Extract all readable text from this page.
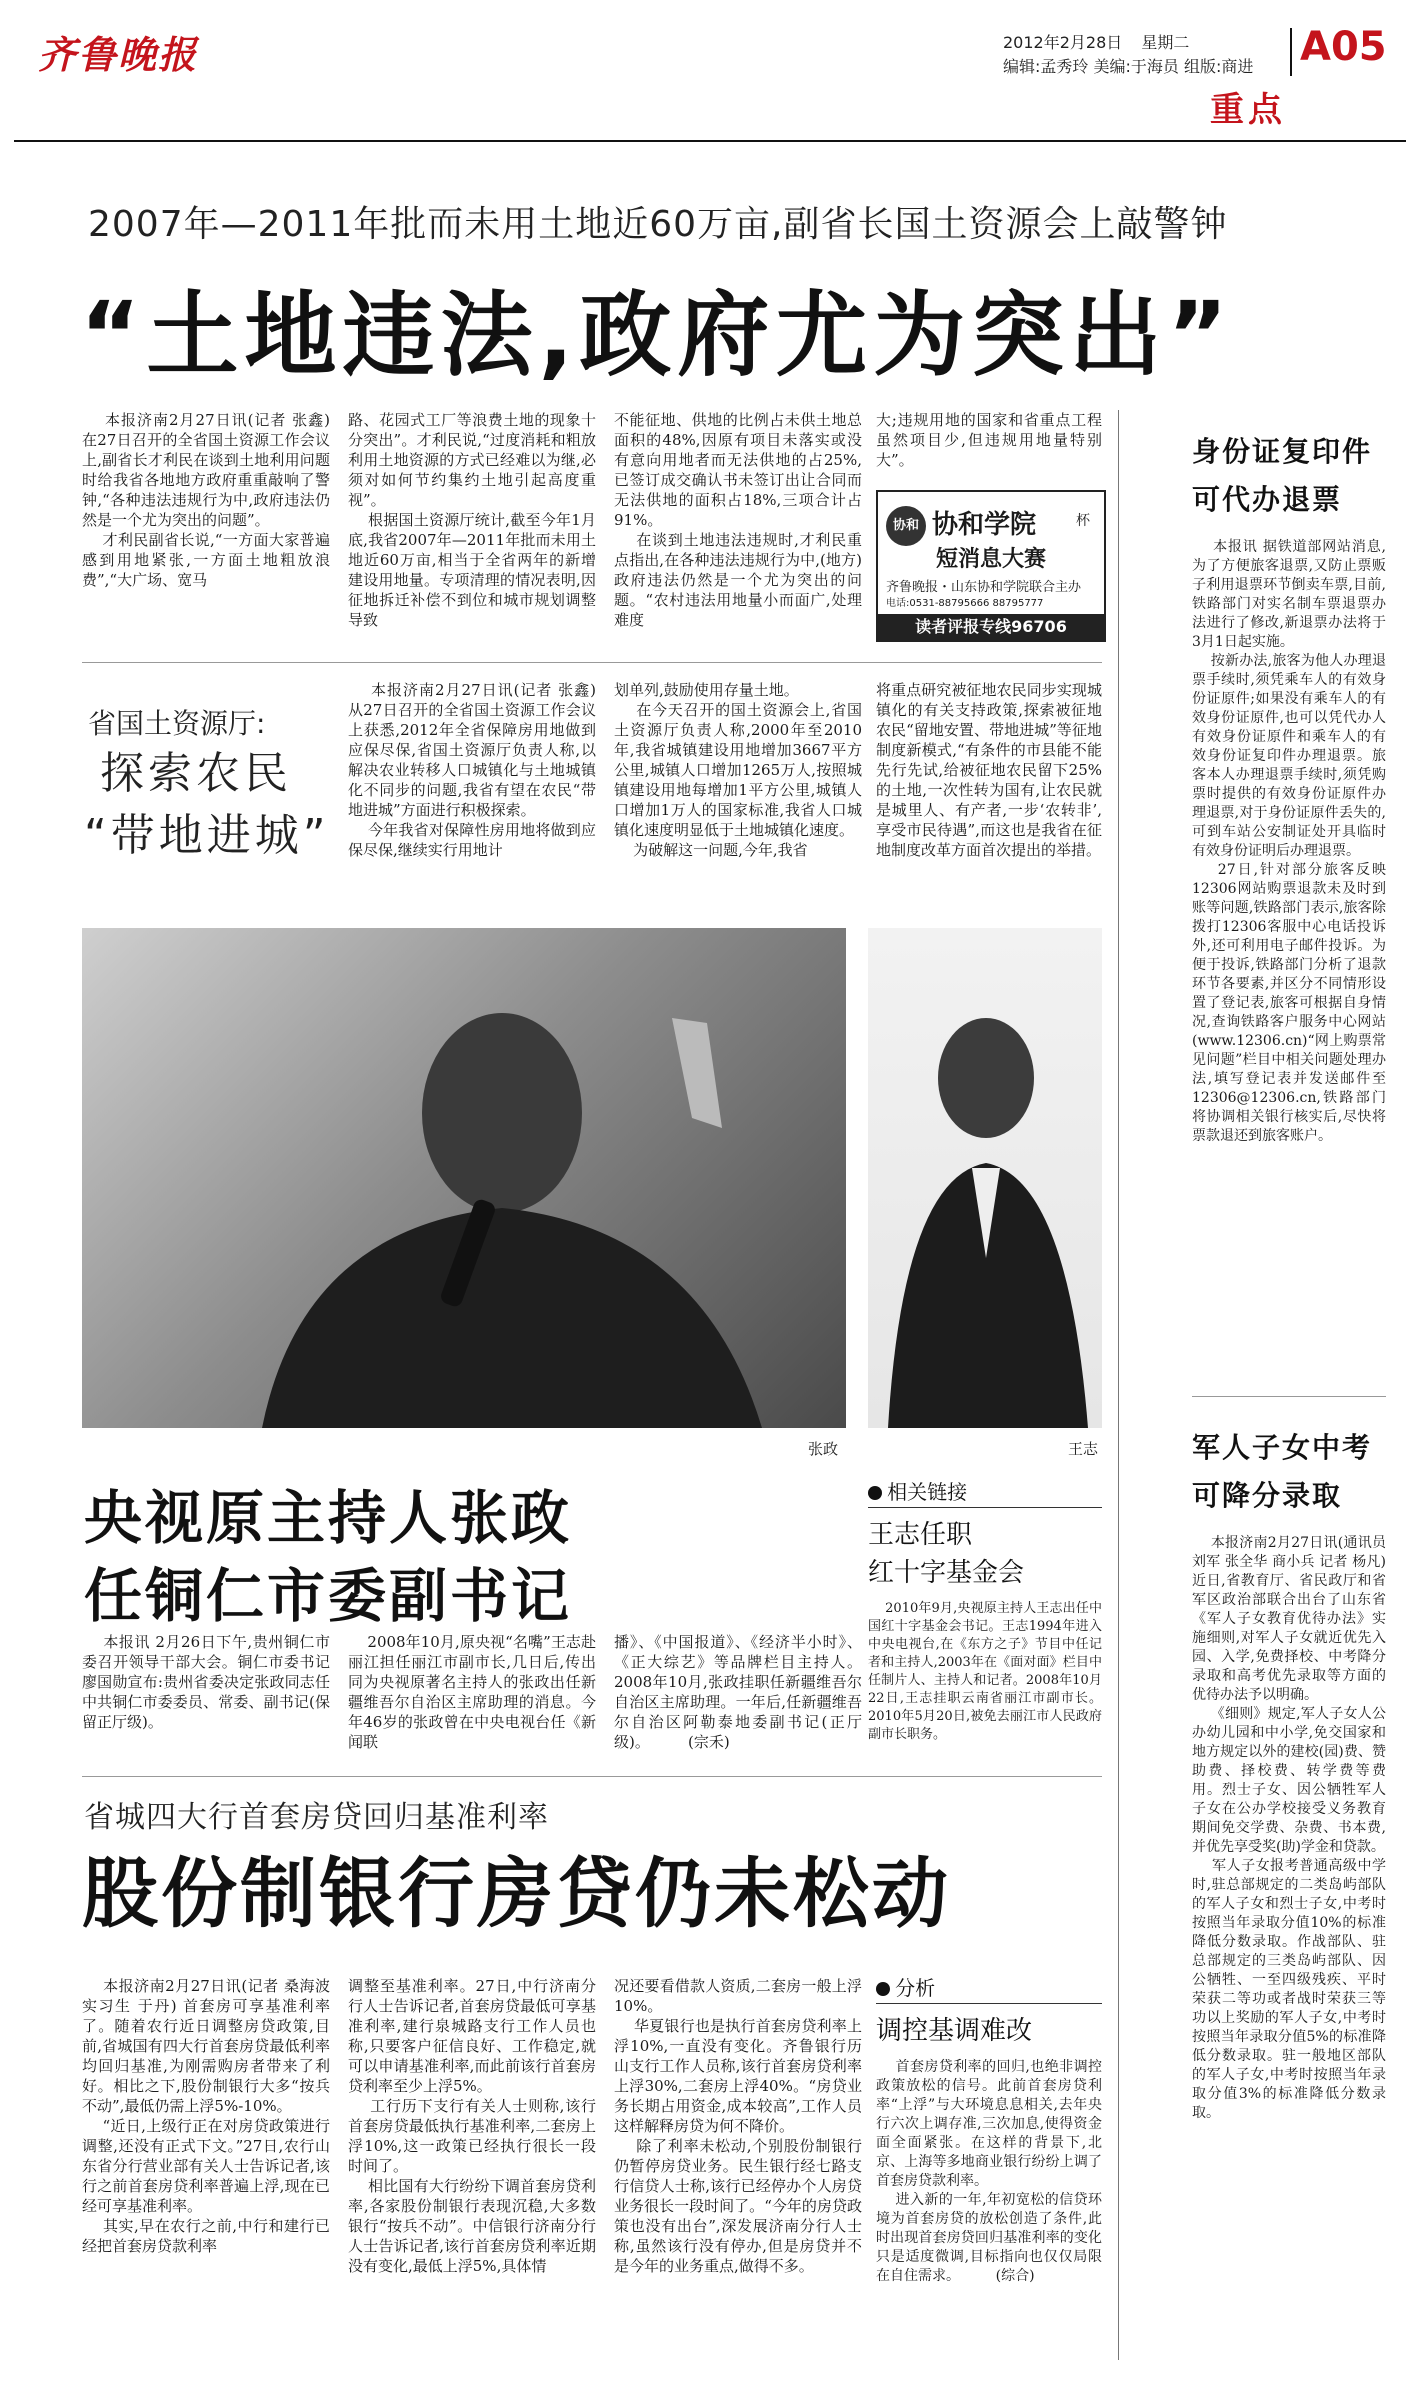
齐鲁晚报	2012年2月28日 星期二
编辑:孟秀玲 美编:于海员 组版:商进 A05
重点
2007年—2011年批而未用土地近60万亩,副省长国土资源会上敲警钟
“土地违法,政府尤为突出”
本报济南2月27日讯(记者 张鑫) 在27日召开的全省国土资源工作会议上,副省长才利民在谈到土地利用问题时给我省各地地方政府重重敲响了警钟,“各种违法违规行为中,政府违法仍然是一个尤为突出的问题”。
才利民副省长说,“一方面大家普遍感到用地紧张,一方面土地粗放浪费”,“大广场、宽马
路、花园式工厂等浪费土地的现象十分突出”。才利民说,“过度消耗和粗放利用土地资源的方式已经难以为继,必须对如何节约集约土地引起高度重视”。
根据国土资源厅统计,截至今年1月底,我省2007年—2011年批而未用土地近60万亩,相当于全省两年的新增建设用地量。专项清理的情况表明,因征地拆迁补偿不到位和城市规划调整导致
不能征地、供地的比例占未供土地总面积的48%,因原有项目未落实或没有意向用地者而无法供地的占25%,已签订成交确认书未签订出让合同而无法供地的面积占18%,三项合计占91%。
在谈到土地违法违规时,才利民重点指出,在各种违法违规行为中,(地方)政府违法仍然是一个尤为突出的问题。“农村违法用地量小而面广,处理难度
大;违规用地的国家和省重点工程虽然项目少,但违规用地量特别大”。
协和 协和学院	杯
短消息大赛
齐鲁晚报・山东协和学院联合主办
电话:0531-88795666 88795777
读者评报专线96706
省国土资源厅:
探索农民
“带地进城”
本报济南2月27日讯(记者 张鑫) 从27日召开的全省国土资源工作会议上获悉,2012年全省保障房用地做到应保尽保,省国土资源厅负责人称,以解决农业转移人口城镇化与土地城镇化不同步的问题,我省有望在农民“带地进城”方面进行积极探索。
今年我省对保障性房用地将做到应保尽保,继续实行用地计
划单列,鼓励使用存量土地。
在今天召开的国土资源会上,省国土资源厅负责人称,2000年至2010年,我省城镇建设用地增加3667平方公里,城镇人口增加1265万人,按照城镇建设用地每增加1平方公里,城镇人口增加1万人的国家标准,我省人口城镇化速度明显低于土地城镇化速度。
为破解这一问题,今年,我省
将重点研究被征地农民同步实现城镇化的有关支持政策,探索被征地农民“留地安置、带地进城”等征地制度新模式,“有条件的市县能不能先行先试,给被征地农民留下25%的土地,一次性转为国有,让农民就是城里人、有产者,一步‘农转非’,享受市民待遇”,而这也是我省在征地制度改革方面首次提出的举措。
张政	王志
央视原主持人张政
任铜仁市委副书记
本报讯 2月26日下午,贵州铜仁市委召开领导干部大会。铜仁市委书记廖国勋宣布:贵州省委决定张政同志任中共铜仁市委委员、常委、副书记(保留正厅级)。
2008年10月,原央视“名嘴”王志赴丽江担任丽江市副市长,几日后,传出同为央视原著名主持人的张政出任新疆维吾尔自治区主席助理的消息。今年46岁的张政曾在中央电视台任《新闻联
播》、《中国报道》、《经济半小时》、《正大综艺》等品牌栏目主持人。2008年10月,张政挂职任新疆维吾尔自治区主席助理。一年后,任新疆维吾尔自治区阿勒泰地委副书记(正厅级)。        (宗禾)
相关链接
王志任职
红十字基金会
2010年9月,央视原主持人王志出任中国红十字基金会书记。王志1994年进入中央电视台,在《东方之子》节目中任记者和主持人,2003年在《面对面》栏目中任制片人、主持人和记者。2008年10月22日,王志挂职云南省丽江市副市长。2010年5月20日,被免去丽江市人民政府副市长职务。
省城四大行首套房贷回归基准利率
股份制银行房贷仍未松动
本报济南2月27日讯(记者 桑海波  实习生 于丹) 首套房可享基准利率了。随着农行近日调整房贷政策,目前,省城国有四大行首套房贷最低利率均回归基准,为刚需购房者带来了利好。相比之下,股份制银行大多“按兵不动”,最低仍需上浮5%-10%。
“近日,上级行正在对房贷政策进行调整,还没有正式下文。”27日,农行山东省分行营业部有关人士告诉记者,该行之前首套房贷利率普遍上浮,现在已经可享基准利率。
其实,早在农行之前,中行和建行已经把首套房贷款利率
调整至基准利率。27日,中行济南分行人士告诉记者,首套房贷最低可享基准利率,建行泉城路支行工作人员也称,只要客户征信良好、工作稳定,就可以申请基准利率,而此前该行首套房贷利率至少上浮5%。
工行历下支行有关人士则称,该行首套房贷最低执行基准利率,二套房上浮10%,这一政策已经执行很长一段时间了。
相比国有大行纷纷下调首套房贷利率,各家股份制银行表现沉稳,大多数银行“按兵不动”。中信银行济南分行人士告诉记者,该行首套房贷利率近期没有变化,最低上浮5%,具体情
况还要看借款人资质,二套房一般上浮10%。
华夏银行也是执行首套房贷利率上浮10%,一直没有变化。齐鲁银行历山支行工作人员称,该行首套房贷利率上浮30%,二套房上浮40%。“房贷业务长期占用资金,成本较高”,工作人员这样解释房贷为何不降价。
除了利率未松动,个别股份制银行仍暂停房贷业务。民生银行经七路支行信贷人士称,该行已经停办个人房贷业务很长一段时间了。“今年的房贷政策也没有出台”,深发展济南分行人士称,虽然该行没有停办,但是房贷并不是今年的业务重点,做得不多。
分析
调控基调难改
首套房贷利率的回归,也绝非调控政策放松的信号。此前首套房贷利率“上浮”与大环境息息相关,去年央行六次上调存准,三次加息,使得资金面全面紧张。在这样的背景下,北京、上海等多地商业银行纷纷上调了首套房贷款利率。
进入新的一年,年初宽松的信贷环境为首套房贷的放松创造了条件,此时出现首套房贷回归基准利率的变化只是适度微调,目标指向也仅仅局限在自住需求。        (综合)
身份证复印件
可代办退票
本报讯 据铁道部网站消息,为了方便旅客退票,又防止票贩子利用退票环节倒卖车票,目前,铁路部门对实名制车票退票办法进行了修改,新退票办法将于3月1日起实施。
按新办法,旅客为他人办理退票手续时,须凭乘车人的有效身份证原件;如果没有乘车人的有效身份证原件,也可以凭代办人有效身份证原件和乘车人的有效身份证复印件办理退票。旅客本人办理退票手续时,须凭购票时提供的有效身份证原件办理退票,对于身份证原件丢失的,可到车站公安制证处开具临时有效身份证明后办理退票。
27日,针对部分旅客反映12306网站购票退款未及时到账等问题,铁路部门表示,旅客除拨打12306客服中心电话投诉外,还可利用电子邮件投诉。为便于投诉,铁路部门分析了退款环节各要素,并区分不同情形设置了登记表,旅客可根据自身情况,查询铁路客户服务中心网站(www.12306.cn)“网上购票常见问题”栏目中相关问题处理办法,填写登记表并发送邮件至12306@12306.cn,铁路部门将协调相关银行核实后,尽快将票款退还到旅客账户。
军人子女中考
可降分录取
本报济南2月27日讯(通讯员 刘军 张全华 商小兵 记者 杨凡) 近日,省教育厅、省民政厅和省军区政治部联合出台了山东省《军人子女教育优待办法》实施细则,对军人子女就近优先入园、入学,免费择校、中考降分录取和高考优先录取等方面的优待办法予以明确。
《细则》规定,军人子女人公办幼儿园和中小学,免交国家和地方规定以外的建校(园)费、赞助费、择校费、转学费等费用。烈士子女、因公牺牲军人子女在公办学校接受义务教育期间免交学费、杂费、书本费,并优先享受奖(助)学金和贷款。
军人子女报考普通高级中学时,驻总部规定的二类岛屿部队的军人子女和烈士子女,中考时按照当年录取分值10%的标准降低分数录取。作战部队、驻总部规定的三类岛屿部队、因公牺牲、一至四级残疾、平时荣获二等功或者战时荣获三等功以上奖励的军人子女,中考时按照当年录取分值5%的标准降低分数录取。驻一般地区部队的军人子女,中考时按照当年录取分值3%的标准降低分数录取。
